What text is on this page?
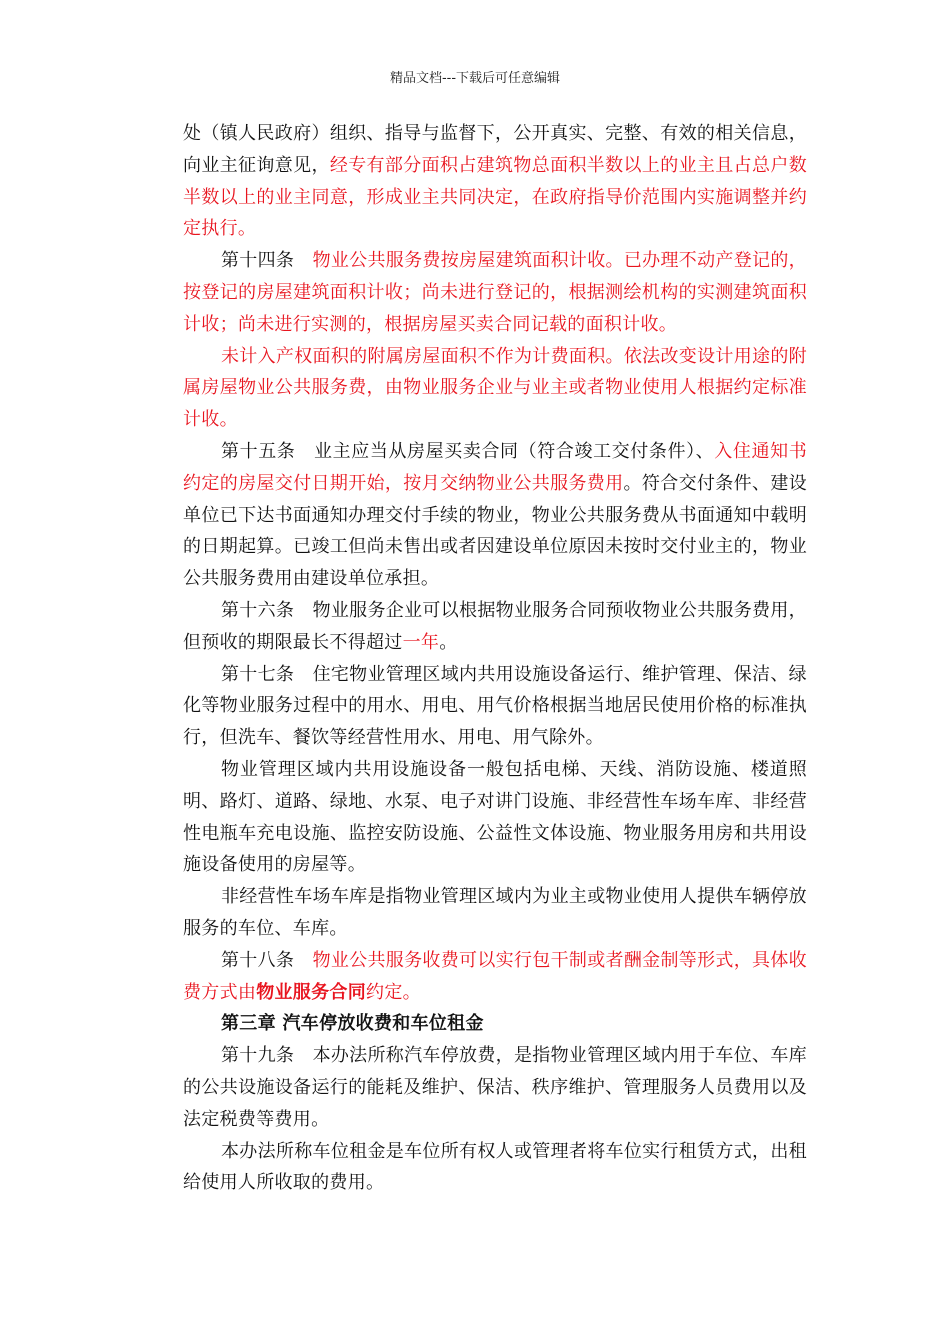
精品文档---下载后可任意编辑

处（镇人民政府）组织、指导与监督下，公开真实、完整、有效的相关信息，向业主征询意见，经专有部分面积占建筑物总面积半数以上的业主且占总户数半数以上的业主同意，形成业主共同决定，在政府指导价范围内实施调整并约定执行。

第十四条　 物业公共服务费按房屋建筑面积计收。已办理不动产登记的，按登记的房屋建筑面积计收；尚未进行登记的，根据测绘机构的实测建筑面积计收；尚未进行实测的，根据房屋买卖合同记载的面积计收。

未计入产权面积的附属房屋面积不作为计费面积。依法改变设计用途的附属房屋物业公共服务费，由物业服务企业与业主或者物业使用人根据约定标准计收。

第十五条　 业主应当从房屋买卖合同（符合竣工交付条件）、入住通知书约定的房屋交付日期开始，按月交纳物业公共服务费用。符合交付条件、建设单位已下达书面通知办理交付手续的物业，物业公共服务费从书面通知中载明的日期起算。已竣工但尚未售出或者因建设单位原因未按时交付业主的，物业公共服务费用由建设单位承担。

第十六条　 物业服务企业可以根据物业服务合同预收物业公共服务费用，但预收的期限最长不得超过一年。

第十七条　 住宅物业管理区域内共用设施设备运行、维护管理、保洁、绿化等物业服务过程中的用水、用电、用气价格根据当地居民使用价格的标准执行，但洗车、餐饮等经营性用水、用电、用气除外。

物业管理区域内共用设施设备一般包括电梯、天线、消防设施、楼道照明、路灯、道路、绿地、水泵、电子对讲门设施、非经营性车场车库、非经营性电瓶车充电设施、监控安防设施、公益性文体设施、物业服务用房和共用设施设备使用的房屋等。

非经营性车场车库是指物业管理区域内为业主或物业使用人提供车辆停放服务的车位、车库。

第十八条　 物业公共服务收费可以实行包干制或者酬金制等形式，具体收费方式由物业服务合同约定。

第三章 汽车停放收费和车位租金

第十九条　 本办法所称汽车停放费，是指物业管理区域内用于车位、车库的公共设施设备运行的能耗及维护、保洁、秩序维护、管理服务人员费用以及法定税费等费用。

本办法所称车位租金是车位所有权人或管理者将车位实行租赁方式，出租给使用人所收取的费用。
